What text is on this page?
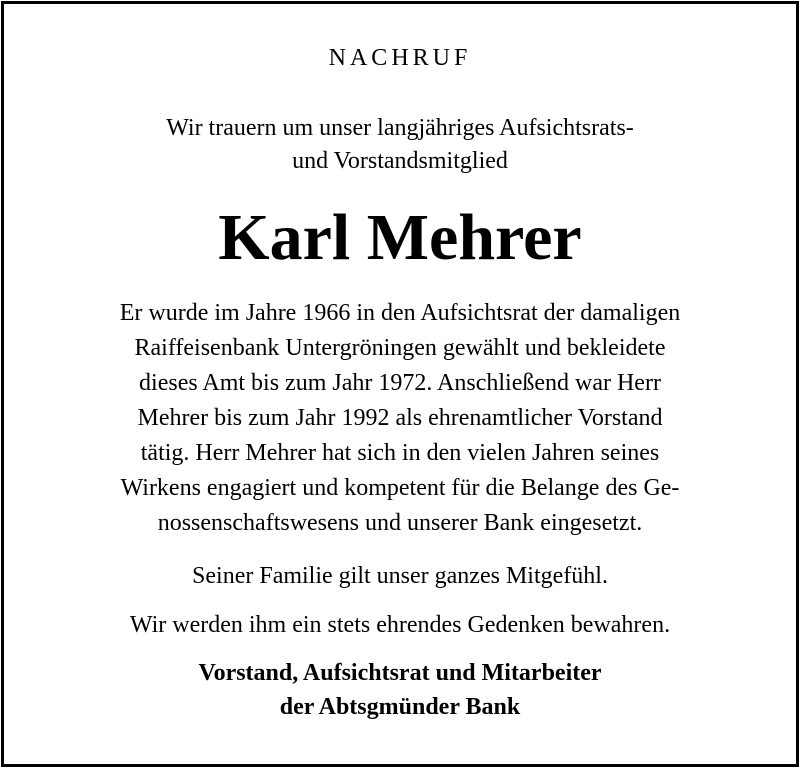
NACHRUF

Wir trauern um unser langjähriges Aufsichtsrats-

und Vorstandsmitglied

Karl Mehrer

Er wurde im Jahre 1966 in den Aufsichtsrat der damaligen

Raiffeisenbank Untergröningen gewählt und bekleidete

dieses Amt bis zum Jahr 1972. Anschließend war Herr

Mehrer bis zum Jahr 1992 als ehrenamtlicher Vorstand

tätig. Herr Mehrer hat sich in den vielen Jahren seines

Wirkens engagiert und kompetent für die Belange des Ge-

nossenschaftswesens und unserer Bank eingesetzt.

Seiner Familie gilt unser ganzes Mitgefühl.

Wir werden ihm ein stets ehrendes Gedenken bewahren.

Vorstand, Aufsichtsrat und Mitarbeiter

der Abtsgmünder Bank
